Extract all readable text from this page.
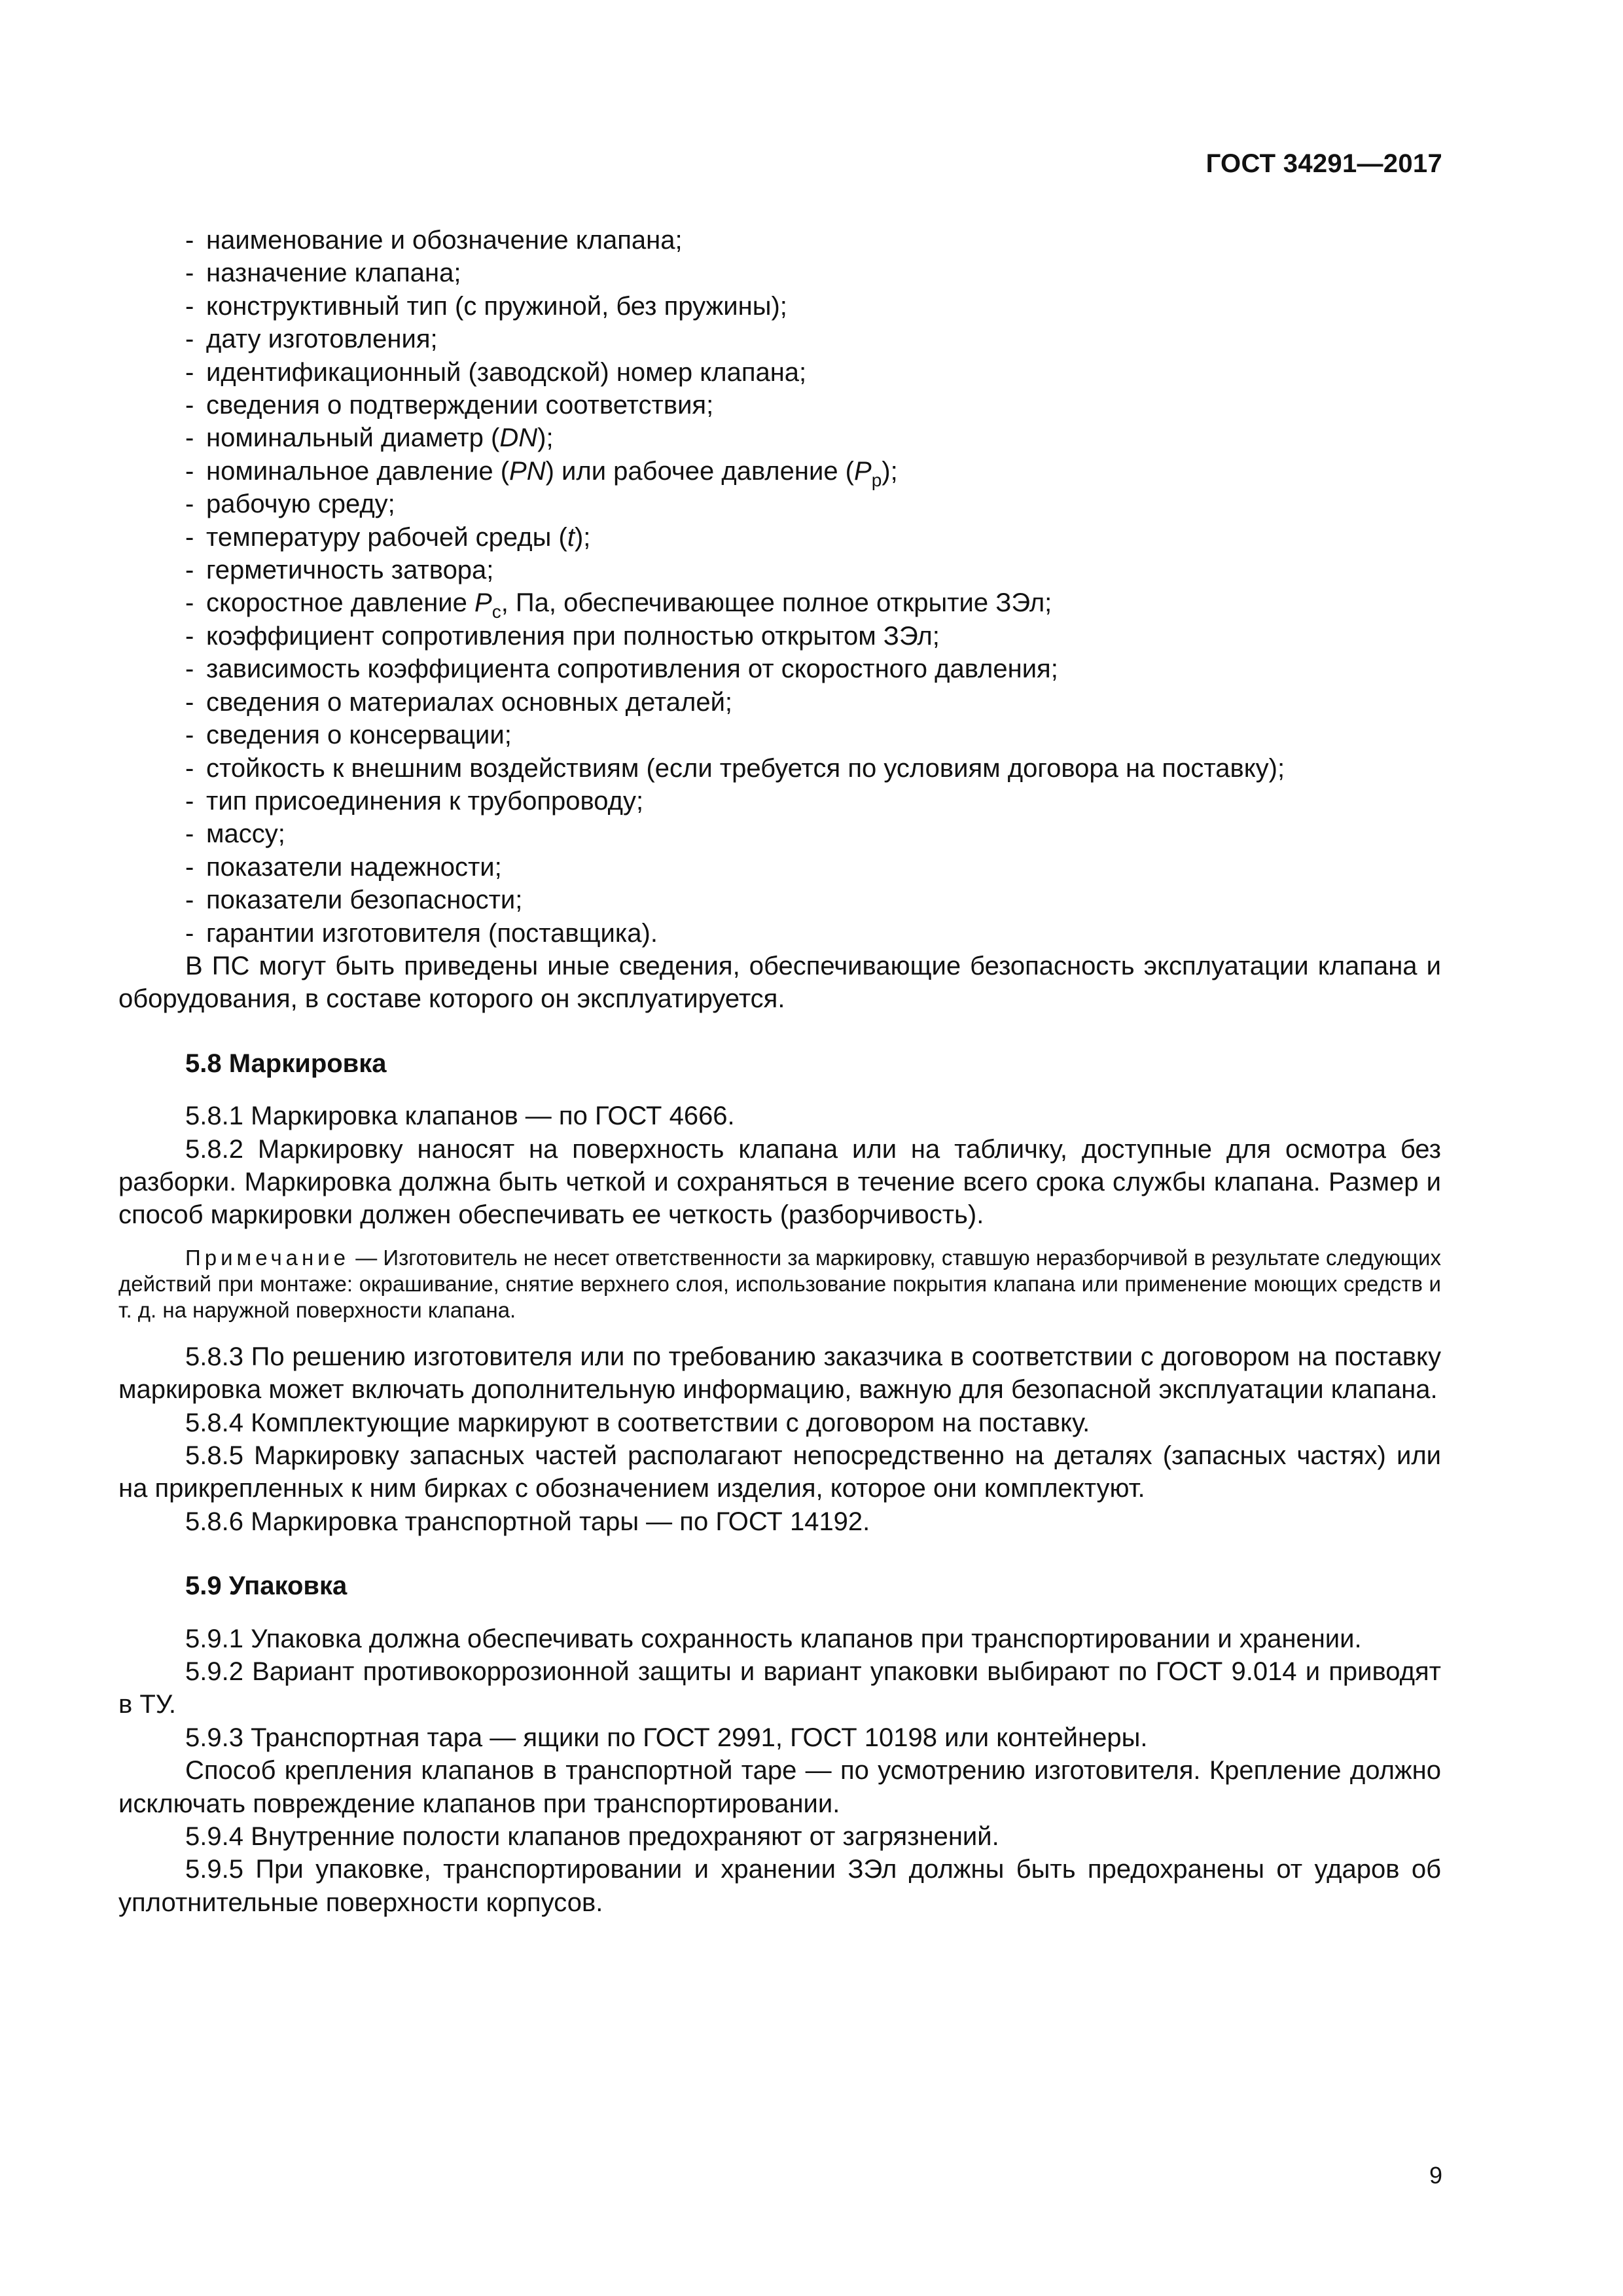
ГОСТ 34291—2017
- наименование и обозначение клапана;
- назначение клапана;
- конструктивный тип (с пружиной, без пружины);
- дату изготовления;
- идентификационный (заводской) номер клапана;
- сведения о подтверждении соответствия;
- номинальный диаметр (DN);
- номинальное давление (PN) или рабочее давление $(P_р)$;
- рабочую среду;
- температуру рабочей среды (t);
- герметичность затвора;
- скоростное давление $P_с$, Па, обеспечивающее полное открытие ЗЭл;
- коэффициент сопротивления при полностью открытом ЗЭл;
- зависимость коэффициента сопротивления от скоростного давления;
- сведения о материалах основных деталей;
- сведения о консервации;
- стойкость к внешним воздействиям (если требуется по условиям договора на поставку);
- тип присоединения к трубопроводу;
- массу;
- показатели надежности;
- показатели безопасности;
- гарантии изготовителя (поставщика).

В ПС могут быть приведены иные сведения, обеспечивающие безопасность эксплуатации клапана и оборудования, в составе которого он эксплуатируется.

5.8 Маркировка

5.8.1 Маркировка клапанов — по ГОСТ 4666.

5.8.2 Маркировку наносят на поверхность клапана или на табличку, доступные для осмотра без разборки. Маркировка должна быть четкой и сохраняться в течение всего срока службы клапана. Размер и способ маркировки должен обеспечивать ее четкость (разборчивость).

Примечание — Изготовитель не несет ответственности за маркировку, ставшую неразборчивой в результате следующих действий при монтаже: окрашивание, снятие верхнего слоя, использование покрытия клапана или применение моющих средств и т. д. на наружной поверхности клапана.

5.8.3 По решению изготовителя или по требованию заказчика в соответствии с договором на поставку маркировка может включать дополнительную информацию, важную для безопасной эксплуатации клапана.

5.8.4 Комплектующие маркируют в соответствии с договором на поставку.

5.8.5 Маркировку запасных частей располагают непосредственно на деталях (запасных частях) или на прикрепленных к ним бирках с обозначением изделия, которое они комплектуют.

5.8.6 Маркировка транспортной тары — по ГОСТ 14192.

5.9 Упаковка

5.9.1 Упаковка должна обеспечивать сохранность клапанов при транспортировании и хранении.

5.9.2 Вариант противокоррозионной защиты и вариант упаковки выбирают по ГОСТ 9.014 и приводят в ТУ.

5.9.3 Транспортная тара — ящики по ГОСТ 2991, ГОСТ 10198 или контейнеры.

Способ крепления клапанов в транспортной таре — по усмотрению изготовителя. Крепление должно исключать повреждение клапанов при транспортировании.

5.9.4 Внутренние полости клапанов предохраняют от загрязнений.

5.9.5 При упаковке, транспортировании и хранении ЗЭл должны быть предохранены от ударов об уплотнительные поверхности корпусов.

9
